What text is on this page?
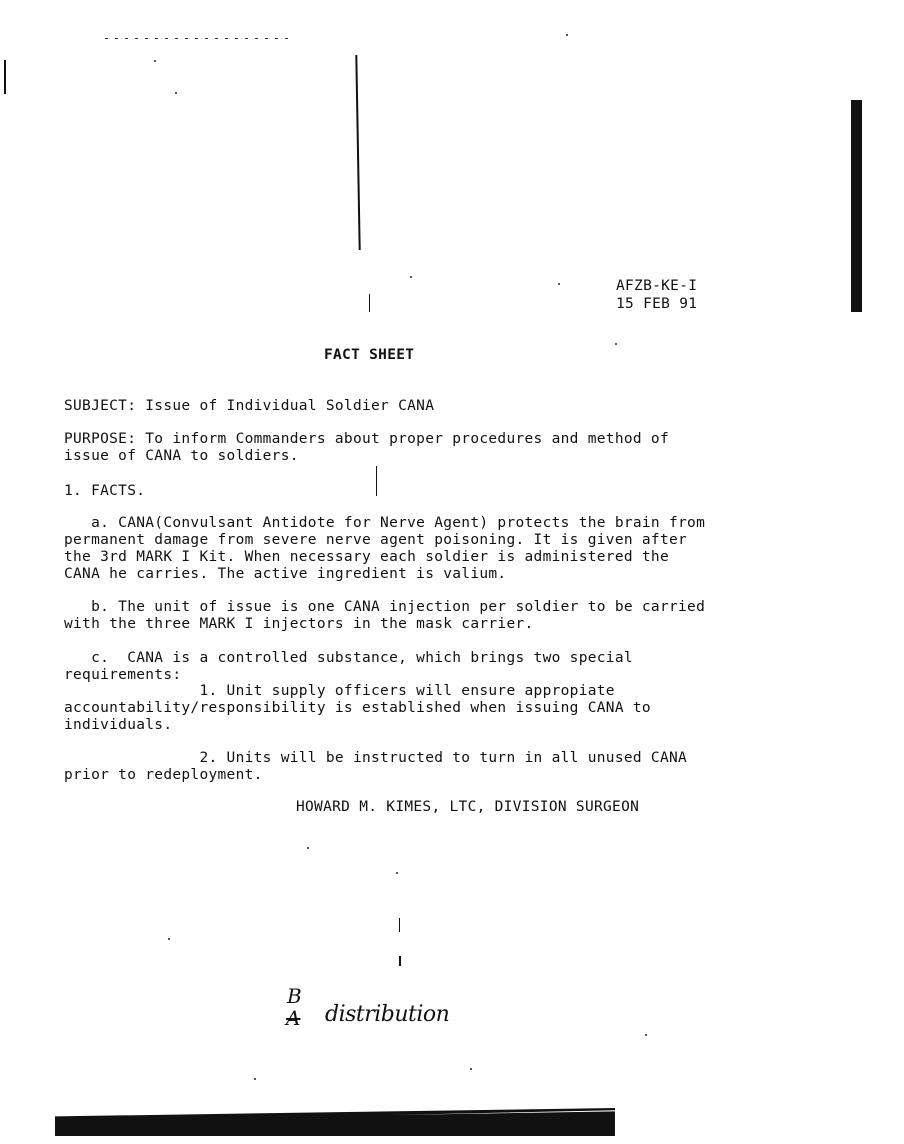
AFZB-KE-I
15 FEB 91
FACT SHEET
SUBJECT: Issue of Individual Soldier CANA
PURPOSE: To inform Commanders about proper procedures and method of
issue of CANA to soldiers.
1. FACTS.
a. CANA(Convulsant Antidote for Nerve Agent) protects the brain from
permanent damage from severe nerve agent poisoning. It is given after
the 3rd MARK I Kit. When necessary each soldier is administered the
CANA he carries. The active ingredient is valium.
b. The unit of issue is one CANA injection per soldier to be carried
with the three MARK I injectors in the mask carrier.
c.  CANA is a controlled substance, which brings two special
requirements:
1. Unit supply officers will ensure appropiate
accountability/responsibility is established when issuing CANA to
individuals.
2. Units will be instructed to turn in all unused CANA
prior to redeployment.
HOWARD M. KIMES, LTC, DIVISION SURGEON
B
A distribution
